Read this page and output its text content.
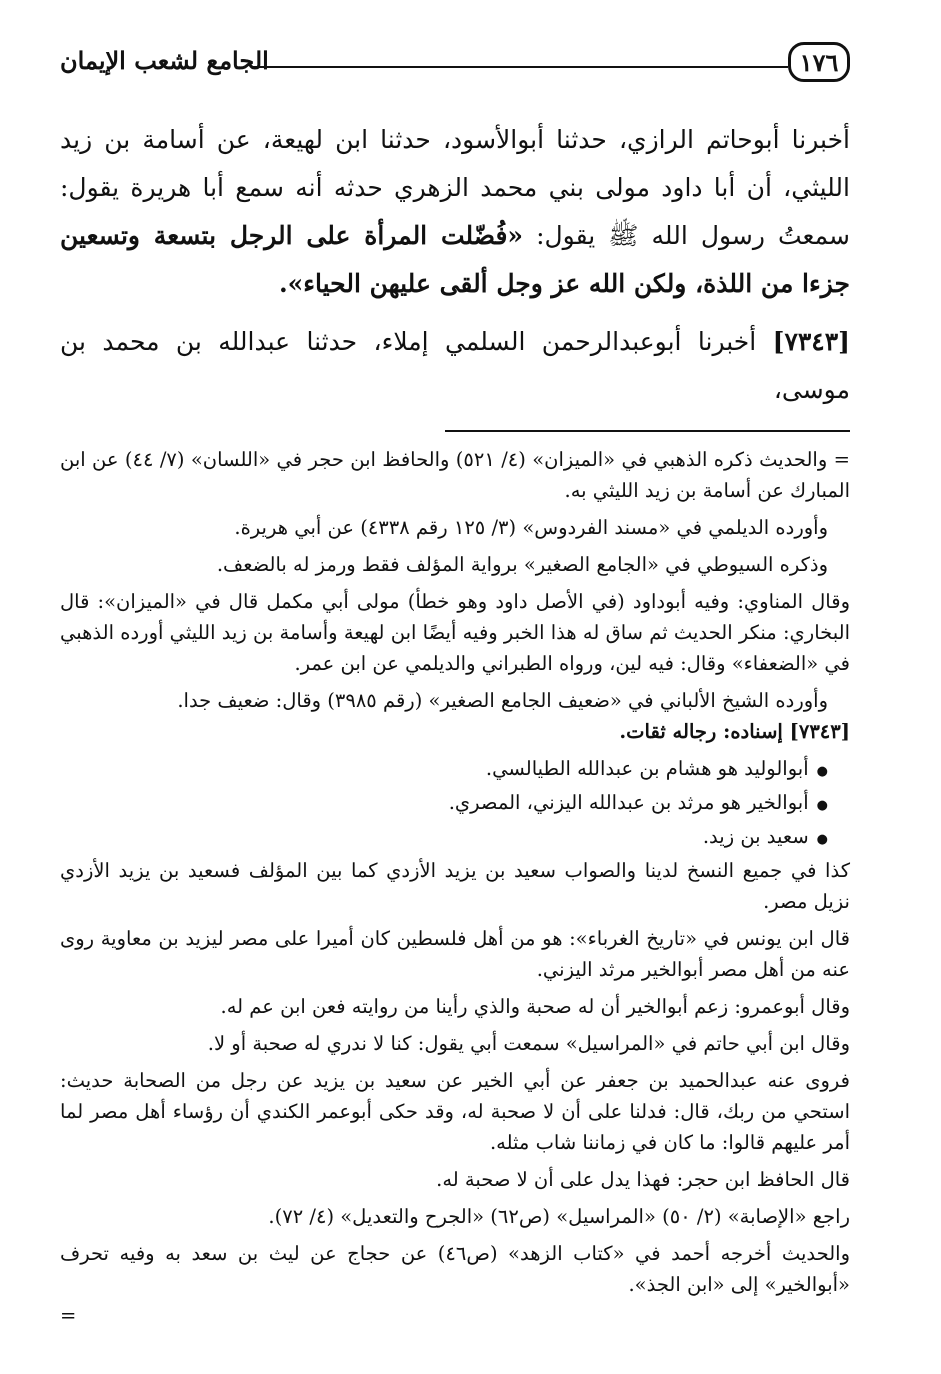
١٧٦
الجامع لشعب الإيمان

أخبرنا أبوحاتم الرازي، حدثنا أبوالأسود، حدثنا ابن لهيعة، عن أسامة بن زيد الليثي، أن أبا داود مولى بني محمد الزهري حدثه أنه سمع أبا هريرة يقول: سمعتُ رسول الله ﷺ يقول: «فُضّلت المرأة على الرجل بتسعة وتسعين جزءا من اللذة، ولكن الله عز وجل ألقى عليهن الحياء».

[٧٣٤٣] أخبرنا أبوعبدالرحمن السلمي إملاء، حدثنا عبدالله بن محمد بن موسى،

= والحديث ذكره الذهبي في «الميزان» (٤/ ٥٢١) والحافظ ابن حجر في «اللسان» (٧/ ٤٤) عن ابن المبارك عن أسامة بن زيد الليثي به.

وأورده الديلمي في «مسند الفردوس» (٣/ ١٢٥ رقم ٤٣٣٨) عن أبي هريرة.

وذكره السيوطي في «الجامع الصغير» برواية المؤلف فقط ورمز له بالضعف.

وقال المناوي: وفيه أبوداود (في الأصل داود وهو خطأ) مولى أبي مكمل قال في «الميزان»: قال البخاري: منكر الحديث ثم ساق له هذا الخبر وفيه أيضًا ابن لهيعة وأسامة بن زيد الليثي أورده الذهبي في «الضعفاء» وقال: فيه لين، ورواه الطبراني والديلمي عن ابن عمر.

وأورده الشيخ الألباني في «ضعيف الجامع الصغير» (رقم ٣٩٨٥) وقال: ضعيف جدا.

[٧٣٤٣] إسناده: رجاله ثقات.

● أبوالوليد هو هشام بن عبدالله الطيالسي.

● أبوالخير هو مرثد بن عبدالله اليزني، المصري.

● سعيد بن زيد.

كذا في جميع النسخ لدينا والصواب سعيد بن يزيد الأزدي كما بين المؤلف فسعيد بن يزيد الأزدي نزيل مصر.

قال ابن يونس في «تاريخ الغرباء»: هو من أهل فلسطين كان أميرا على مصر ليزيد بن معاوية روى عنه من أهل مصر أبوالخير مرثد اليزني.

وقال أبوعمرو: زعم أبوالخير أن له صحبة والذي رأينا من روايته فعن ابن عم له.

وقال ابن أبي حاتم في «المراسيل» سمعت أبي يقول: كنا لا ندري له صحبة أو لا.

فروى عنه عبدالحميد بن جعفر عن أبي الخير عن سعيد بن يزيد عن رجل من الصحابة حديث: استحي من ربك، قال: فدلنا على أن لا صحبة له، وقد حكى أبوعمر الكندي أن رؤساء أهل مصر لما أمر عليهم قالوا: ما كان في زماننا شاب مثله.

قال الحافظ ابن حجر: فهذا يدل على أن لا صحبة له.

راجع «الإصابة» (٢/ ٥٠) «المراسيل» (ص٦٢) «الجرح والتعديل» (٤/ ٧٢).

والحديث أخرجه أحمد في «كتاب الزهد» (ص٤٦) عن حجاج عن ليث بن سعد به وفيه تحرف «أبوالخير» إلى «ابن الجذ».

=
